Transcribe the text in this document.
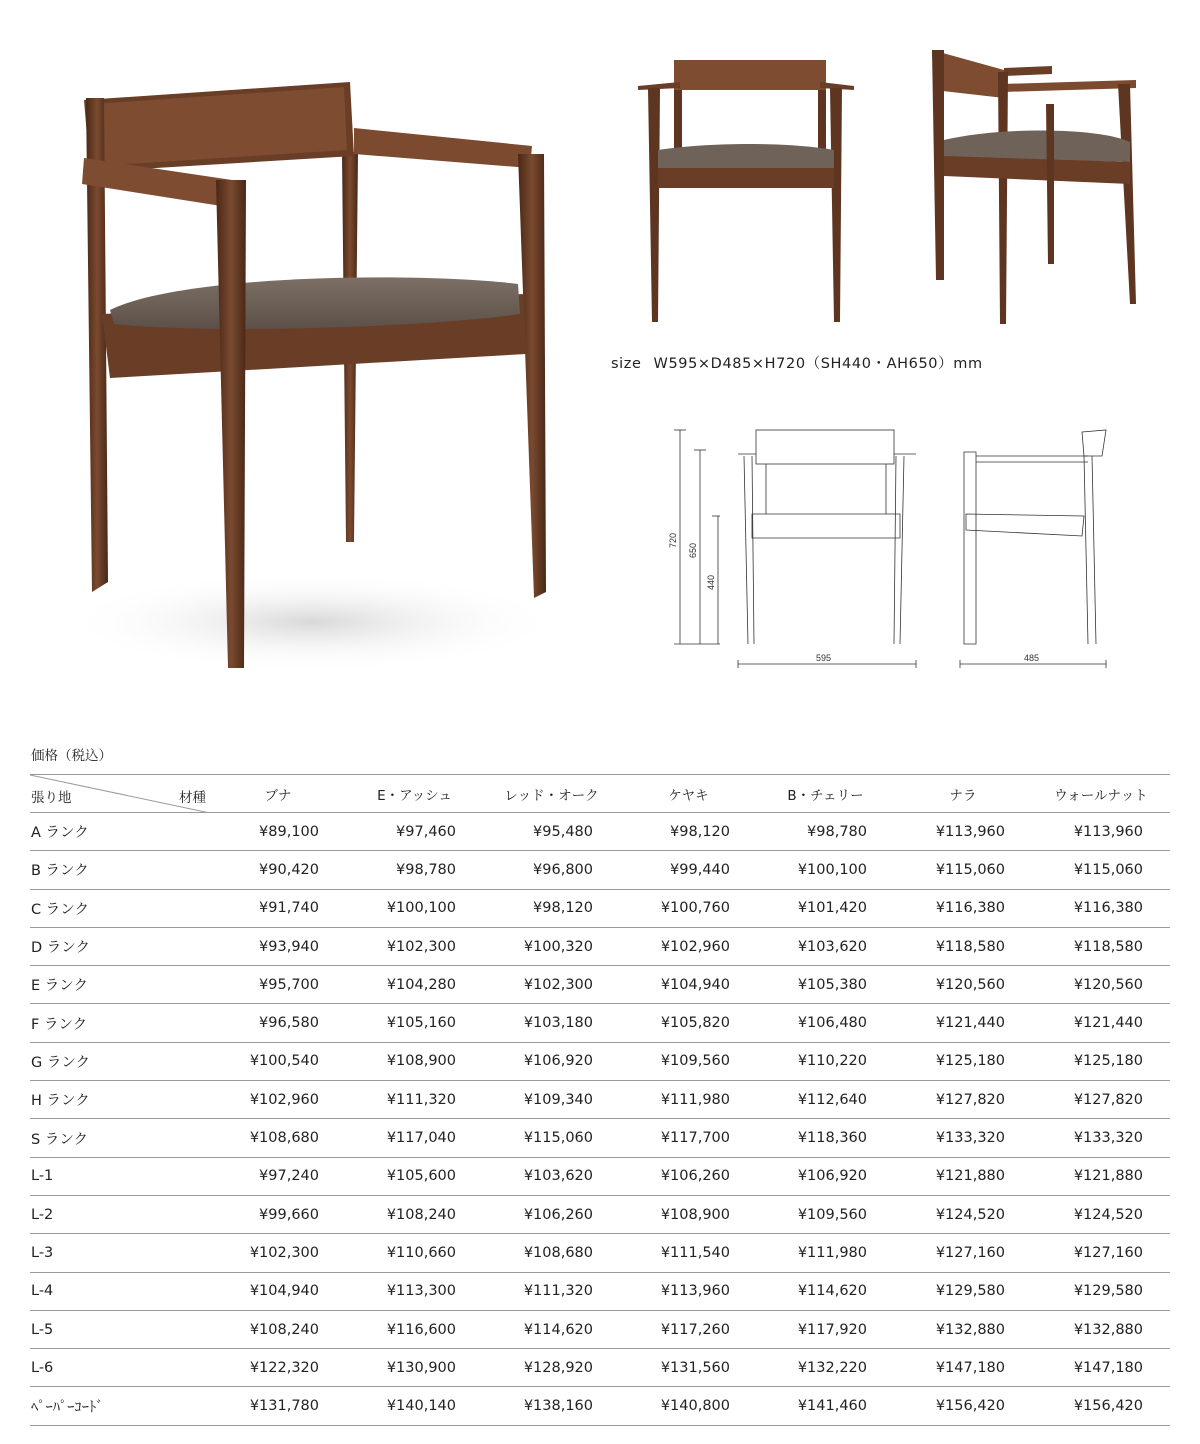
size W595×D485×H720（SH440・AH650）mm
720
650
440
595	485
価格（税込）
張り地 材種	ブナ	E・アッシュ	レッド・オーク	ケヤキ	B・チェリー	ナラ	ウォールナット
A ランク	¥89,100	¥97,460	¥95,480	¥98,120	¥98,780	¥113,960	¥113,960
B ランク	¥90,420	¥98,780	¥96,800	¥99,440	¥100,100	¥115,060	¥115,060
C ランク	¥91,740	¥100,100	¥98,120	¥100,760	¥101,420	¥116,380	¥116,380
D ランク	¥93,940	¥102,300	¥100,320	¥102,960	¥103,620	¥118,580	¥118,580
E ランク	¥95,700	¥104,280	¥102,300	¥104,940	¥105,380	¥120,560	¥120,560
F ランク	¥96,580	¥105,160	¥103,180	¥105,820	¥106,480	¥121,440	¥121,440
G ランク	¥100,540	¥108,900	¥106,920	¥109,560	¥110,220	¥125,180	¥125,180
H ランク	¥102,960	¥111,320	¥109,340	¥111,980	¥112,640	¥127,820	¥127,820
S ランク	¥108,680	¥117,040	¥115,060	¥117,700	¥118,360	¥133,320	¥133,320
L-1	¥97,240	¥105,600	¥103,620	¥106,260	¥106,920	¥121,880	¥121,880
L-2	¥99,660	¥108,240	¥106,260	¥108,900	¥109,560	¥124,520	¥124,520
L-3	¥102,300	¥110,660	¥108,680	¥111,540	¥111,980	¥127,160	¥127,160
L-4	¥104,940	¥113,300	¥111,320	¥113,960	¥114,620	¥129,580	¥129,580
L-5	¥108,240	¥116,600	¥114,620	¥117,260	¥117,920	¥132,880	¥132,880
L-6	¥122,320	¥130,900	¥128,920	¥131,560	¥132,220	¥147,180	¥147,180
ﾍﾟｰﾊﾟｰｺｰﾄﾞ	¥131,780	¥140,140	¥138,160	¥140,800	¥141,460	¥156,420	¥156,420
